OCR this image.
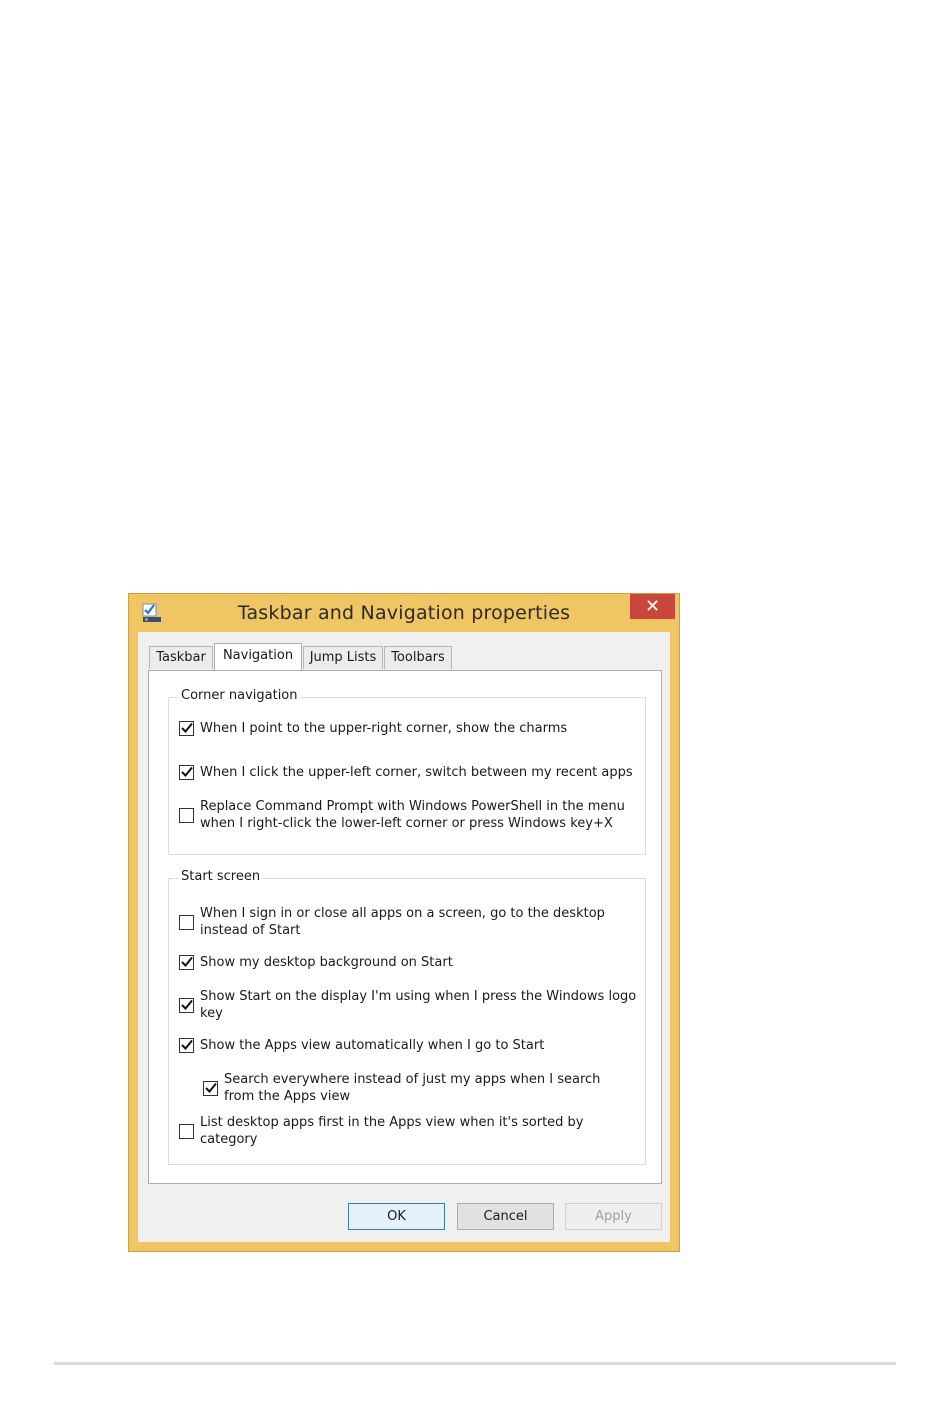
Taskbar and Navigation properties	✕
Taskbar	Navigation	Jump Lists	Toolbars
Corner navigation
When I point to the upper-right corner, show the charms
When I click the upper-left corner, switch between my recent apps
Replace Command Prompt with Windows PowerShell in the menu
when I right-click the lower-left corner or press Windows key+X
Start screen
When I sign in or close all apps on a screen, go to the desktop
instead of Start
Show my desktop background on Start
Show Start on the display I'm using when I press the Windows logo
key
Show the Apps view automatically when I go to Start
Search everywhere instead of just my apps when I search
from the Apps view
List desktop apps first in the Apps view when it's sorted by
category
OK	Cancel	Apply
